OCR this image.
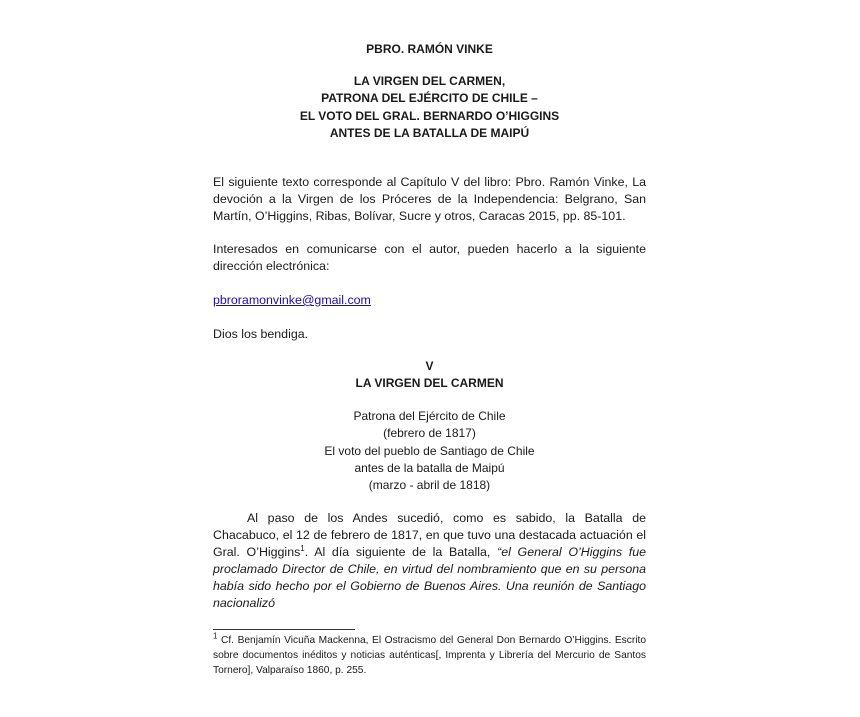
PBRO. RAMÓN VINKE

LA VIRGEN DEL CARMEN,

PATRONA DEL EJÉRCITO DE CHILE –

EL VOTO DEL GRAL. BERNARDO O’HIGGINS

ANTES DE LA BATALLA DE MAIPÚ

El siguiente texto corresponde al Capítulo V del libro: Pbro. Ramón Vinke, La devoción a la Virgen de los Próceres de la Independencia: Belgrano, San Martín, O’Higgins, Ribas, Bolívar, Sucre y otros, Caracas 2015, pp. 85-101.

Interesados en comunicarse con el autor, pueden hacerlo a la siguiente dirección electrónica:

pbroramonvinke@gmail.com

Dios los bendiga.

V

LA VIRGEN DEL CARMEN

Patrona del Ejército de Chile

(febrero de 1817)

El voto del pueblo de Santiago de Chile

antes de la batalla de Maipú

(marzo - abril de 1818)

Al paso de los Andes sucedió, como es sabido, la Batalla de Chacabuco, el 12 de febrero de 1817, en que tuvo una destacada actuación el Gral. O’Higgins$^1$. Al día siguiente de la Batalla, “el General O’Higgins fue proclamado Director de Chile, en virtud del nombramiento que en su persona había sido hecho por el Gobierno de Buenos Aires. Una reunión de Santiago nacionalizó

$^1$ Cf. Benjamín Vicuña Mackenna, El Ostracismo del General Don Bernardo O’Higgins. Escrito sobre documentos inéditos y noticias auténticas[, Imprenta y Librería del Mercurio de Santos Tornero], Valparaíso 1860, p. 255.
